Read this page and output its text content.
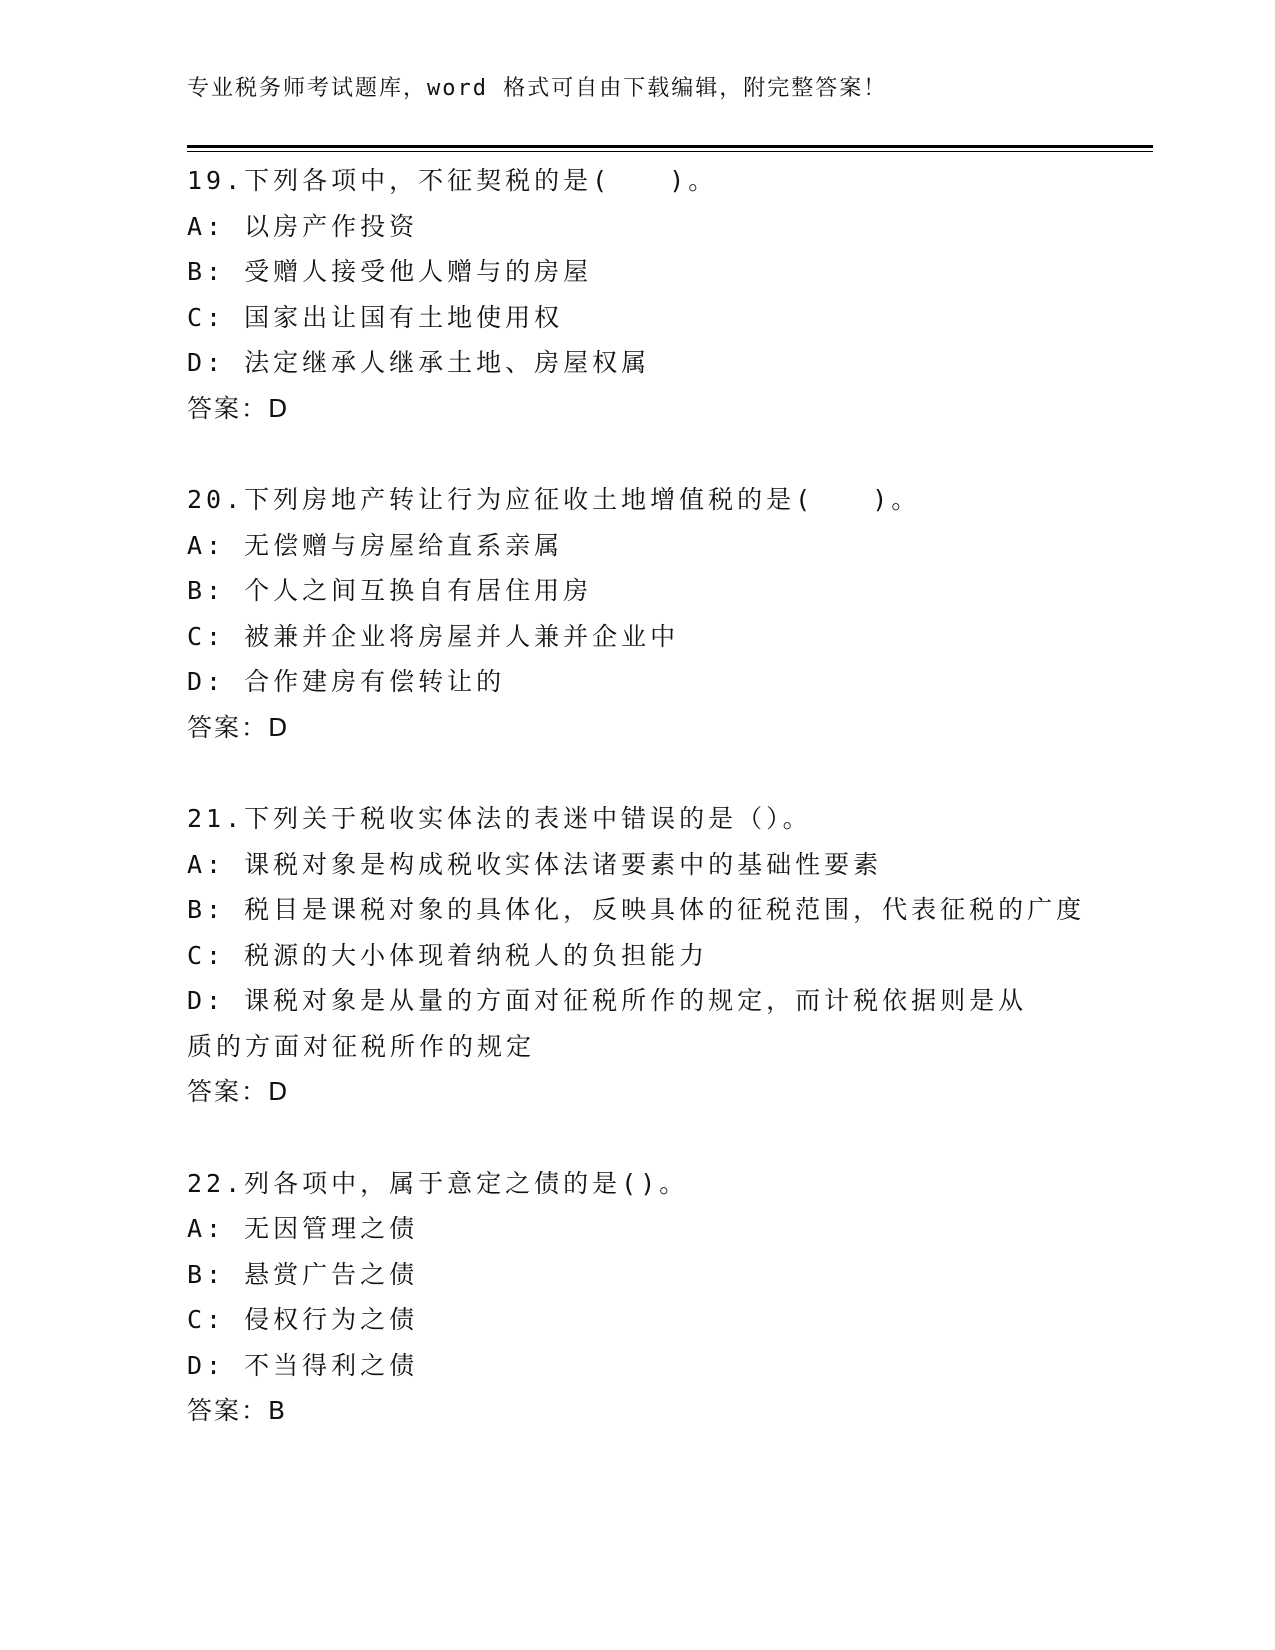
专业税务师考试题库，word 格式可自由下载编辑，附完整答案！
19.下列各项中，不征契税的是(　　)。
A: 以房产作投资
B: 受赠人接受他人赠与的房屋
C: 国家出让国有土地使用权
D: 法定继承人继承土地、房屋权属
答案：D
20.下列房地产转让行为应征收土地增值税的是(　　)。
A: 无偿赠与房屋给直系亲属
B: 个人之间互换自有居住用房
C: 被兼并企业将房屋并人兼并企业中
D: 合作建房有偿转让的
答案：D
21.下列关于税收实体法的表迷中错误的是（）。
A: 课税对象是构成税收实体法诸要素中的基础性要素
B: 税目是课税对象的具体化，反映具体的征税范围，代表征税的广度
C: 税源的大小体现着纳税人的负担能力
D: 课税对象是从量的方面对征税所作的规定，而计税依据则是从质的方面对征税所作的规定
答案：D
22.列各项中，属于意定之债的是()。
A: 无因管理之债
B: 悬赏广告之债
C: 侵权行为之债
D: 不当得利之债
答案：B
